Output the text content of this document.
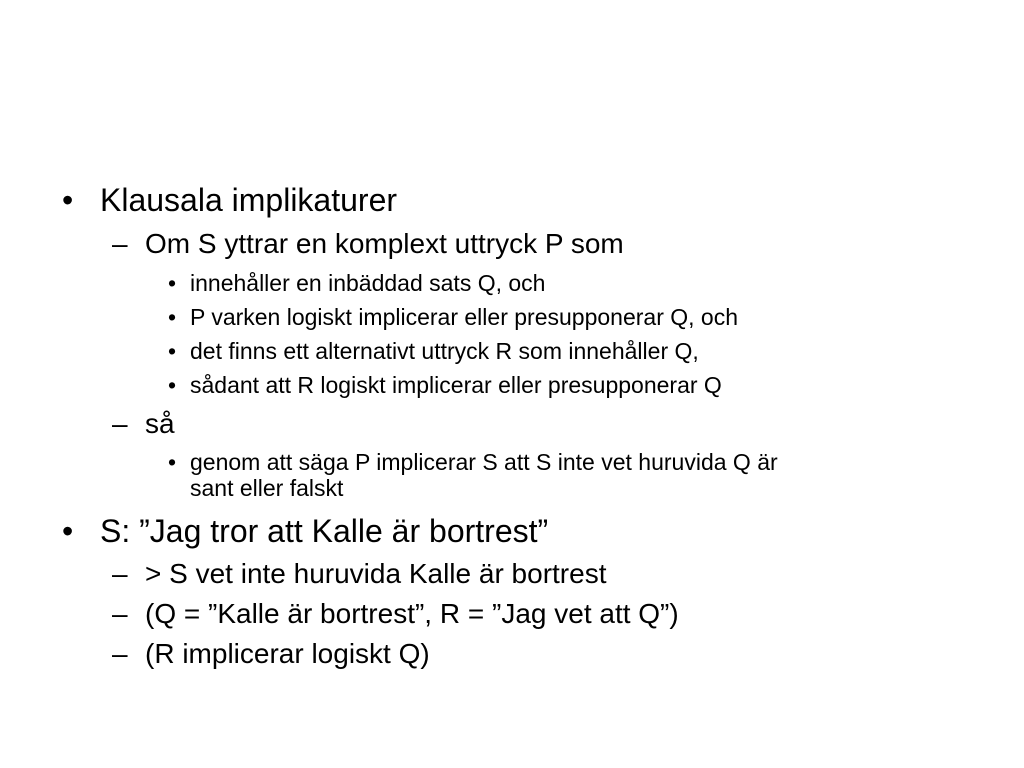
• Klausala implikaturer
– Om S yttrar en komplext uttryck P som
• innehåller en inbäddad sats Q, och
• P varken logiskt implicerar eller presupponerar Q, och
• det finns ett alternativt uttryck R som innehåller Q,
• sådant att R logiskt implicerar eller presupponerar Q
– så
• genom att säga P implicerar S att S inte vet huruvida Q är
sant eller falskt
• S: ”Jag tror att Kalle är bortrest”
– > S vet inte huruvida Kalle är bortrest
– (Q = ”Kalle är bortrest”, R = ”Jag vet att Q”)
– (R implicerar logiskt Q)
